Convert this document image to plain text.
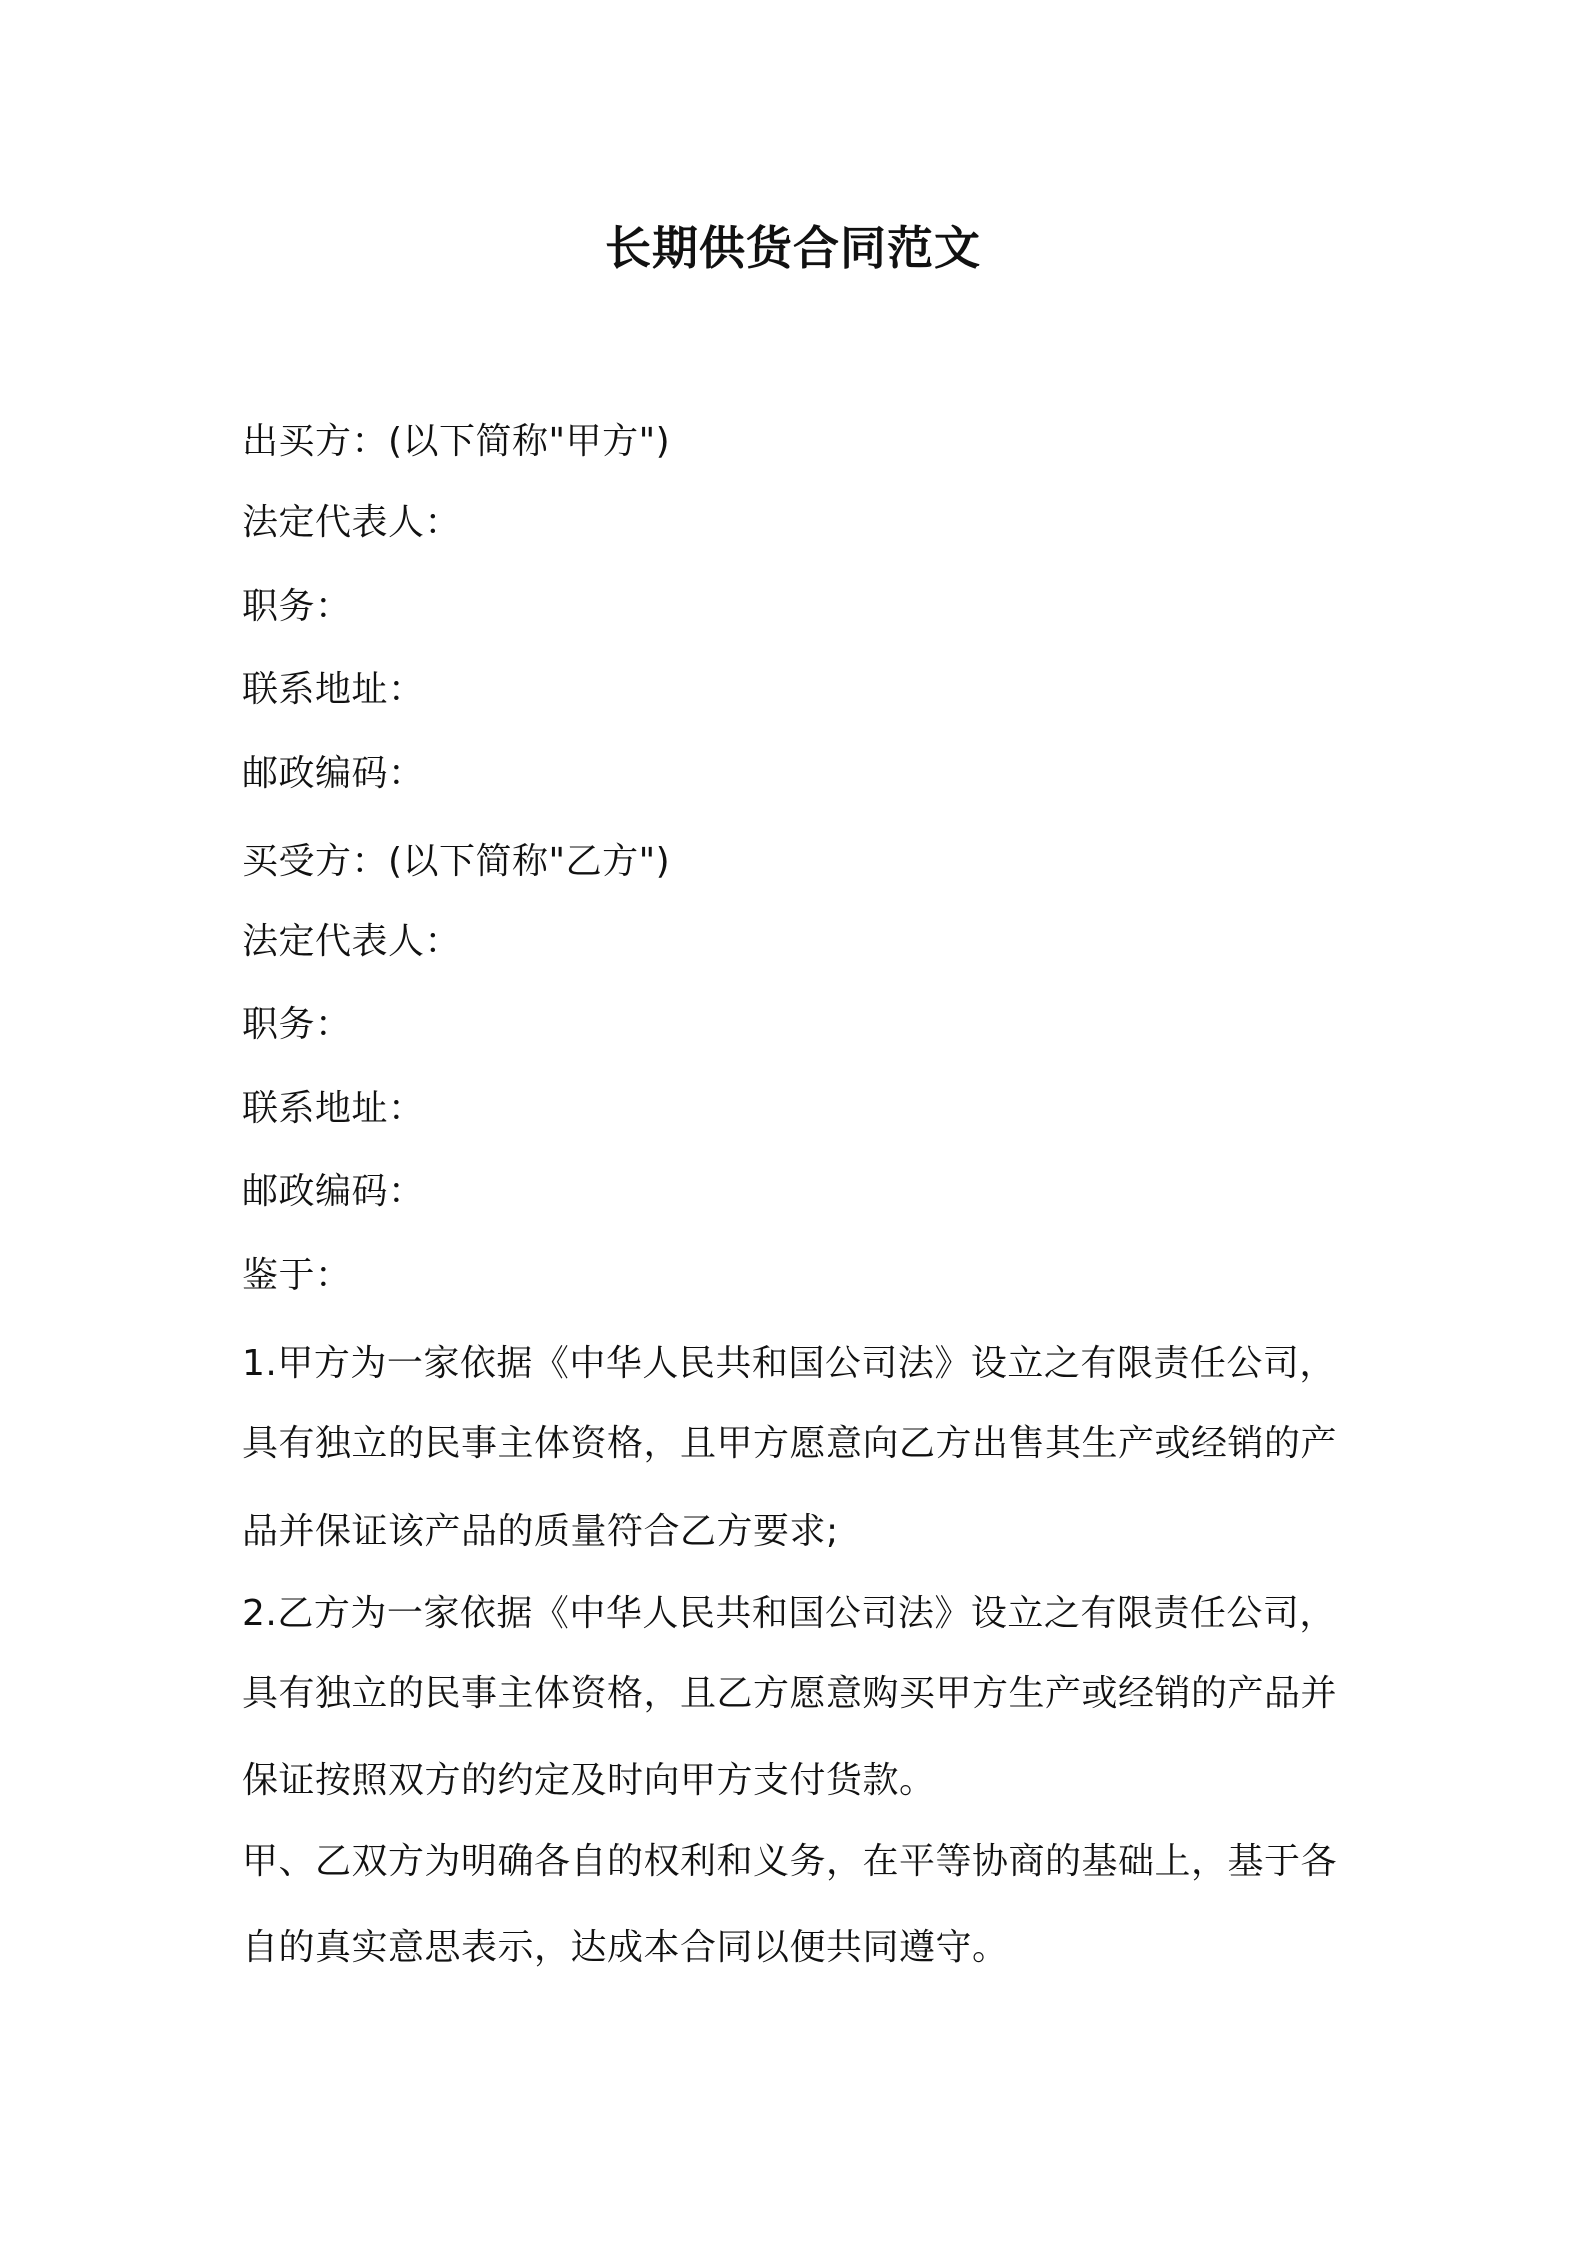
长期供货合同范文
出买方：(以下简称"甲方")
法定代表人：
职务：
联系地址：
邮政编码：
买受方：(以下简称"乙方")
法定代表人：
职务：
联系地址：
邮政编码：
鉴于：
1.甲方为一家依据《中华人民共和国公司法》设立之有限责任公司，
具有独立的民事主体资格，且甲方愿意向乙方出售其生产或经销的产
品并保证该产品的质量符合乙方要求;
2.乙方为一家依据《中华人民共和国公司法》设立之有限责任公司，
具有独立的民事主体资格，且乙方愿意购买甲方生产或经销的产品并
保证按照双方的约定及时向甲方支付货款。
甲、乙双方为明确各自的权利和义务，在平等协商的基础上，基于各
自的真实意思表示，达成本合同以便共同遵守。
